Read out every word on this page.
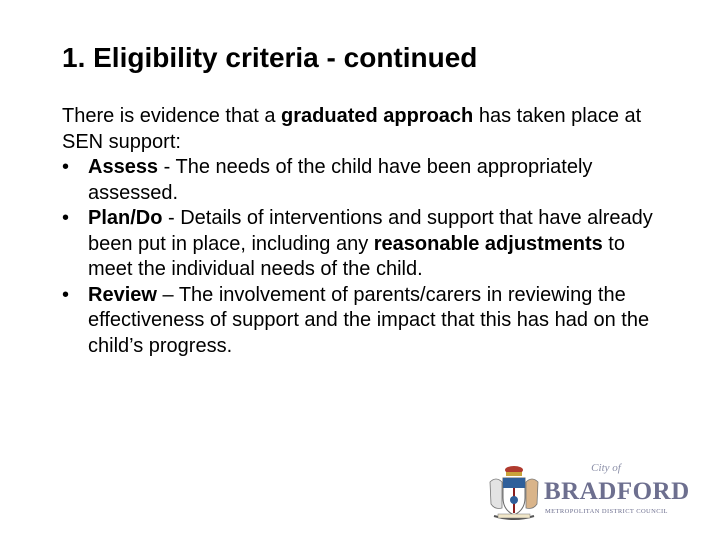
1. Eligibility criteria - continued

There is evidence that a graduated approach has taken place at SEN support:

• Assess - The needs of the child have been appropriately assessed.
• Plan/Do - Details of interventions and support that have already been put in place, including any reasonable adjustments to meet the individual needs of the child.
• Review – The involvement of parents/carers in reviewing the effectiveness of support and the impact that this has had on the child’s progress.
City of
BRADFORD
METROPOLITAN DISTRICT COUNCIL
